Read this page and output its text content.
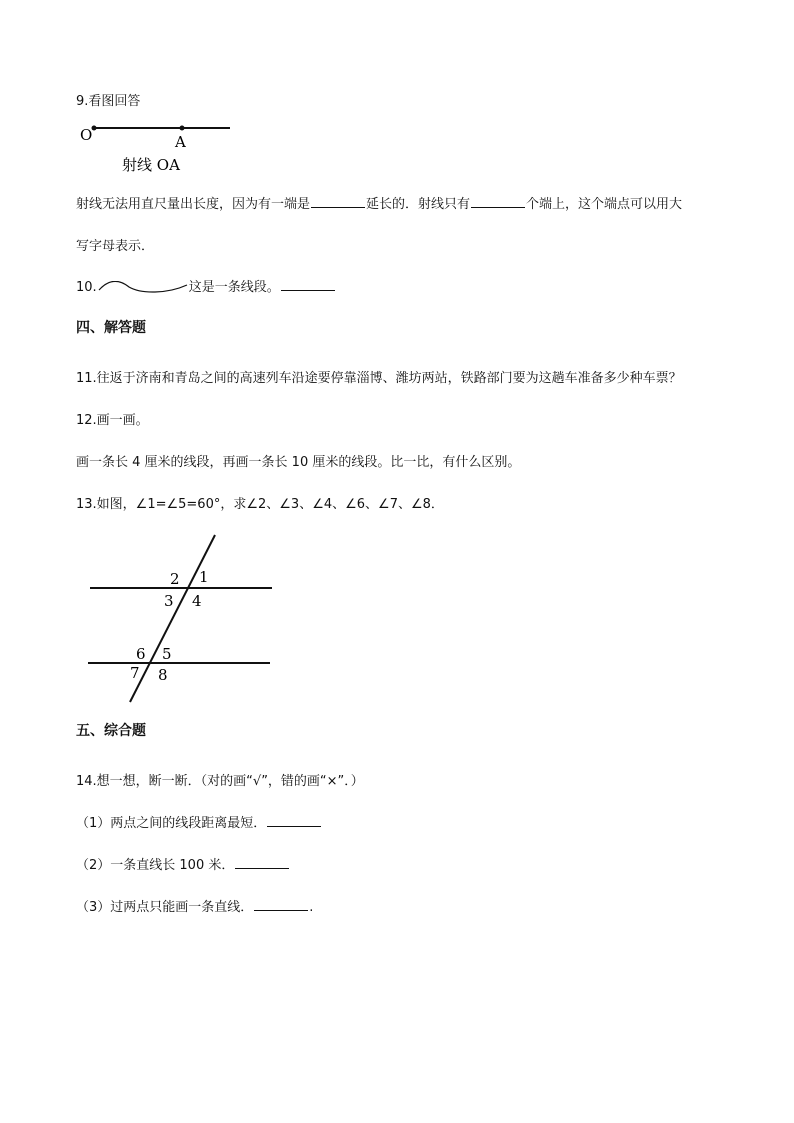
9.看图回答
O	A
射线 OA
射线无法用直尺量出长度，因为有一端是	延长的．射线只有	个端上，这个端点可以用大
写字母表示．
10.	这是一条线段。
四、解答题
11.往返于济南和青岛之间的高速列车沿途要停靠淄博、潍坊两站，铁路部门要为这趟车准备多少种车票？
12.画一画。
画一条长 4 厘米的线段，再画一条长 10 厘米的线段。比一比，有什么区别。
13.如图，∠1=∠5=60°，求∠2、∠3、∠4、∠6、∠7、∠8．
2 1
3 4
6 5
7 8
五、综合题
14.想一想，断一断．（对的画“√”，错的画“×”．）
（1）两点之间的线段距离最短．
（2）一条直线长 100 米．
（3）过两点只能画一条直线．	.
